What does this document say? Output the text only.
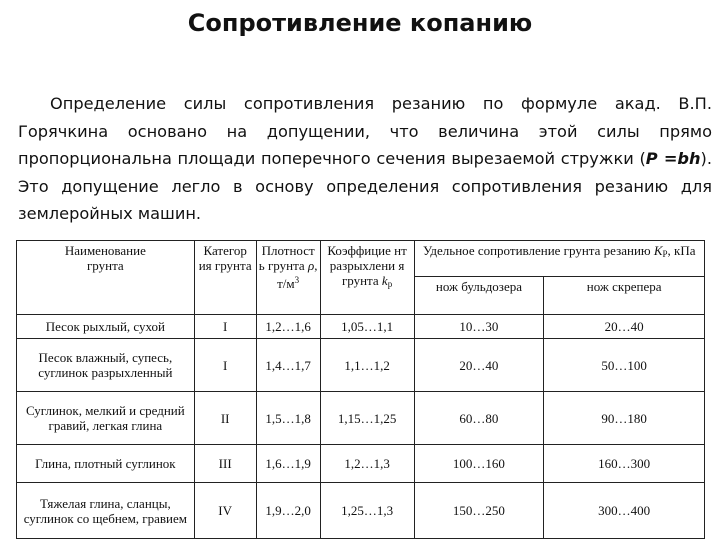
Сопротивление копанию
Определение силы сопротивления резанию по формуле акад. В.П. Горячкина основано на допущении, что величина этой силы прямо пропорциональна площади поперечного сечения вырезаемой стружки (Р =bh). Это допущение легло в основу определения сопротивления резанию для землеройных машин.
Наименование
грунта	Категор ия грунта	Плотност ь грунта ρ, $т/м^3$	Коэффицие нт разрыхлени я грунта $k_р$	Удельное сопротивление грунта резанию $К_Р$, кПа	
				нож бульдозера	нож скрепера
Песок рыхлый, сухой	I	1,2…1,6	1,05…1,1	10…30	20…40
Песок влажный, супесь, суглинок разрыхленный	I	1,4…1,7	1,1…1,2	20…40	50…100
Суглинок, мелкий и средний гравий, легкая глина	II	1,5…1,8	1,15…1,25	60…80	90…180
Глина, плотный суглинок	III	1,6…1,9	1,2…1,3	100…160	160…300
Тяжелая глина, сланцы, суглинок со щебнем, гравием	IV	1,9…2,0	1,25…1,3	150…250	300…400
